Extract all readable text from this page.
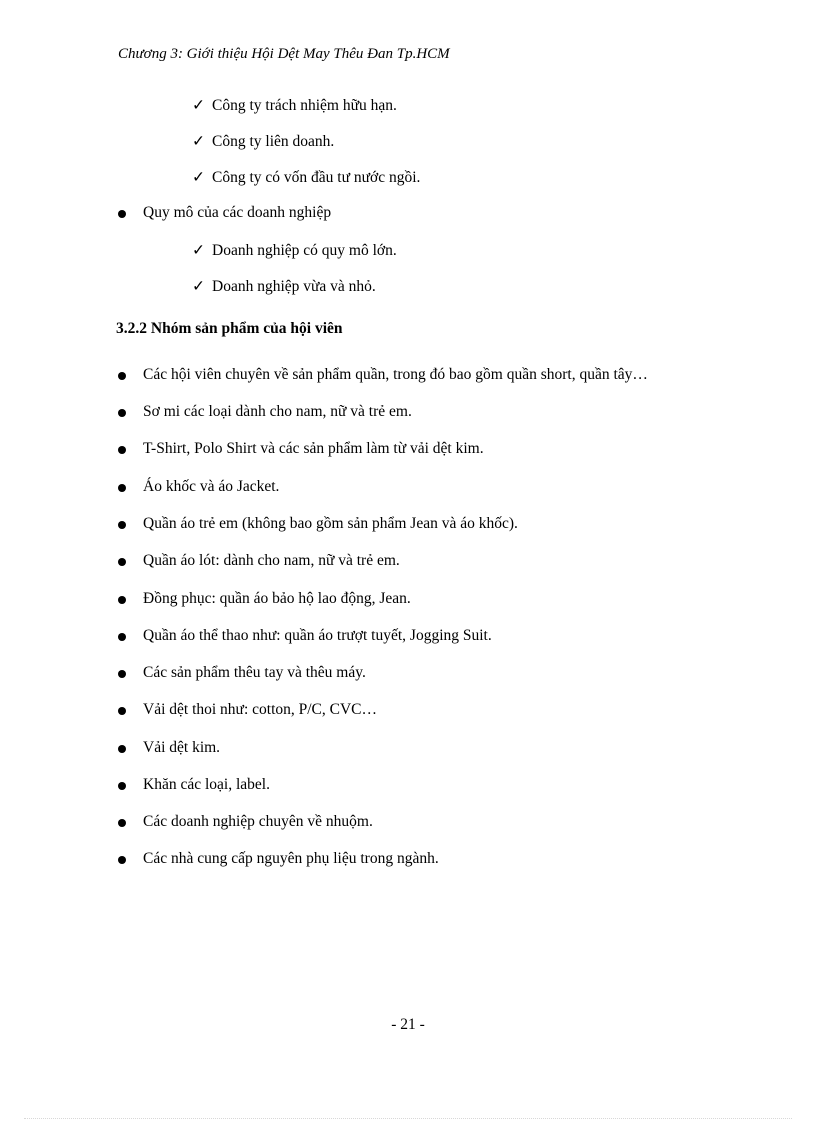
Chương 3: Giới thiệu Hội Dệt May Thêu Đan Tp.HCM
✓ Công ty trách nhiệm hữu hạn.
✓ Công ty liên doanh.
✓ Công ty có vốn đầu tư nước ngồi.
Quy mô của các doanh nghiệp
✓ Doanh nghiệp có quy mô lớn.
✓ Doanh nghiệp vừa và nhỏ.
3.2.2 Nhóm sản phẩm của hội viên
Các hội viên chuyên về sản phẩm quần, trong đó bao gồm quần short, quần tây…
Sơ mi các loại dành cho nam, nữ và trẻ em.
T-Shirt, Polo Shirt và các sản phẩm làm từ vải dệt kim.
Áo khốc và áo Jacket.
Quần áo trẻ em (không bao gồm sản phẩm Jean và áo khốc).
Quần áo lót: dành cho nam, nữ và trẻ em.
Đồng phục: quần áo bảo hộ lao động, Jean.
Quần áo thể thao như: quần áo trượt tuyết, Jogging Suit.
Các sản phẩm thêu tay và thêu máy.
Vải dệt thoi như: cotton, P/C, CVC…
Vải dệt kim.
Khăn các loại, label.
Các doanh nghiệp chuyên về nhuộm.
Các nhà cung cấp nguyên phụ liệu trong ngành.
- 21 -
